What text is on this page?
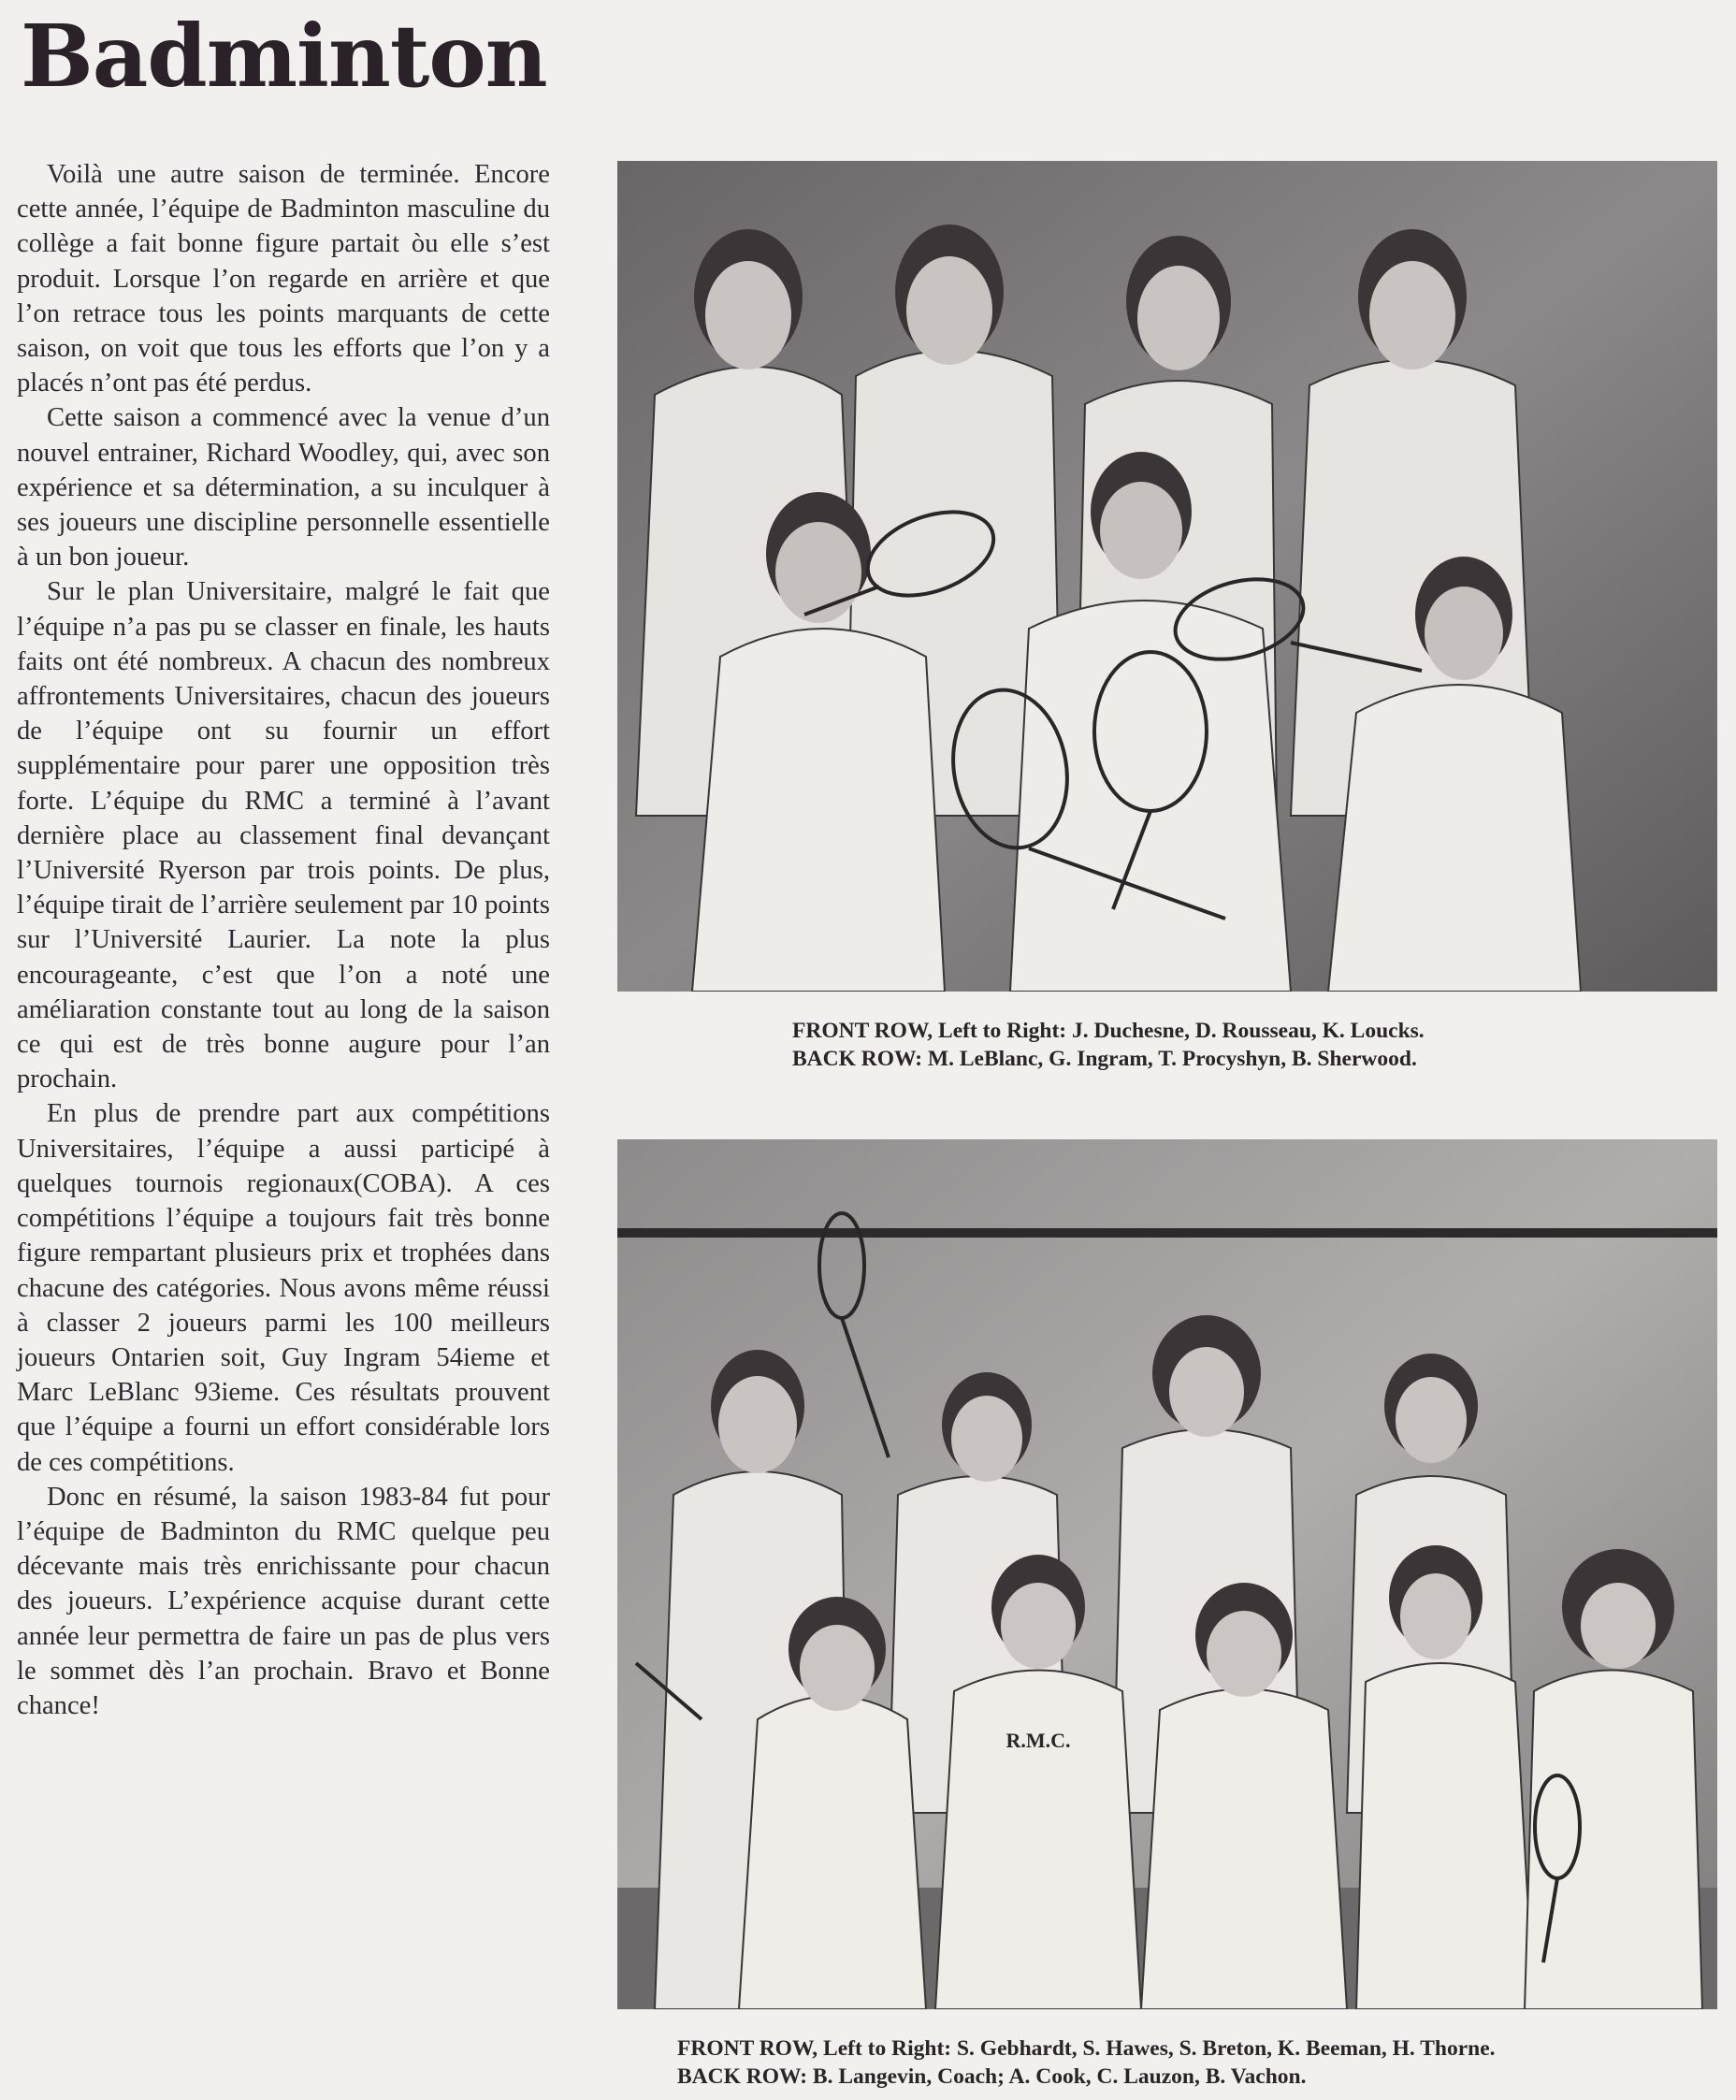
Badminton

Voilà une autre saison de terminée. Encore cette année, l’équipe de Badminton masculine du collège a fait bonne figure partait òu elle s’est produit. Lorsque l’on regarde en arrière et que l’on retrace tous les points marquants de cette saison, on voit que tous les efforts que l’on y a placés n’ont pas été perdus.

Cette saison a commencé avec la venue d’un nouvel entrainer, Richard Woodley, qui, avec son expérience et sa détermination, a su inculquer à ses joueurs une discipline personnelle essentielle à un bon joueur.

Sur le plan Universitaire, malgré le fait que l’équipe n’a pas pu se classer en finale, les hauts faits ont été nombreux. A chacun des nombreux affrontements Universitaires, chacun des joueurs de l’équipe ont su fournir un effort supplémentaire pour parer une opposition très forte. L’équipe du RMC a terminé à l’avant dernière place au classement final devançant l’Université Ryerson par trois points. De plus, l’équipe tirait de l’arrière seulement par 10 points sur l’Université Laurier. La note la plus encourageante, c’est que l’on a noté une améliaration constante tout au long de la saison ce qui est de très bonne augure pour l’an prochain.

En plus de prendre part aux compétitions Universitaires, l’équipe a aussi participé à quelques tournois regionaux(COBA). A ces compétitions l’équipe a toujours fait très bonne figure rempartant plusieurs prix et trophées dans chacune des catégories. Nous avons même réussi à classer 2 joueurs parmi les 100 meilleurs joueurs Ontarien soit, Guy Ingram 54ieme et Marc LeBlanc 93ieme. Ces résultats prouvent que l’équipe a fourni un effort considérable lors de ces compétitions.

Donc en résumé, la saison 1983-84 fut pour l’équipe de Badminton du RMC quelque peu décevante mais très enrichissante pour chacun des joueurs. L’expérience acquise durant cette année leur permettra de faire un pas de plus vers le sommet dès l’an prochain. Bravo et Bonne chance!

FRONT ROW, Left to Right: J. Duchesne, D. Rousseau, K. Loucks.
BACK ROW: M. LeBlanc, G. Ingram, T. Procyshyn, B. Sherwood.
R.M.C.
FRONT ROW, Left to Right: S. Gebhardt, S. Hawes, S. Breton, K. Beeman, H. Thorne.
BACK ROW: B. Langevin, Coach; A. Cook, C. Lauzon, B. Vachon.
